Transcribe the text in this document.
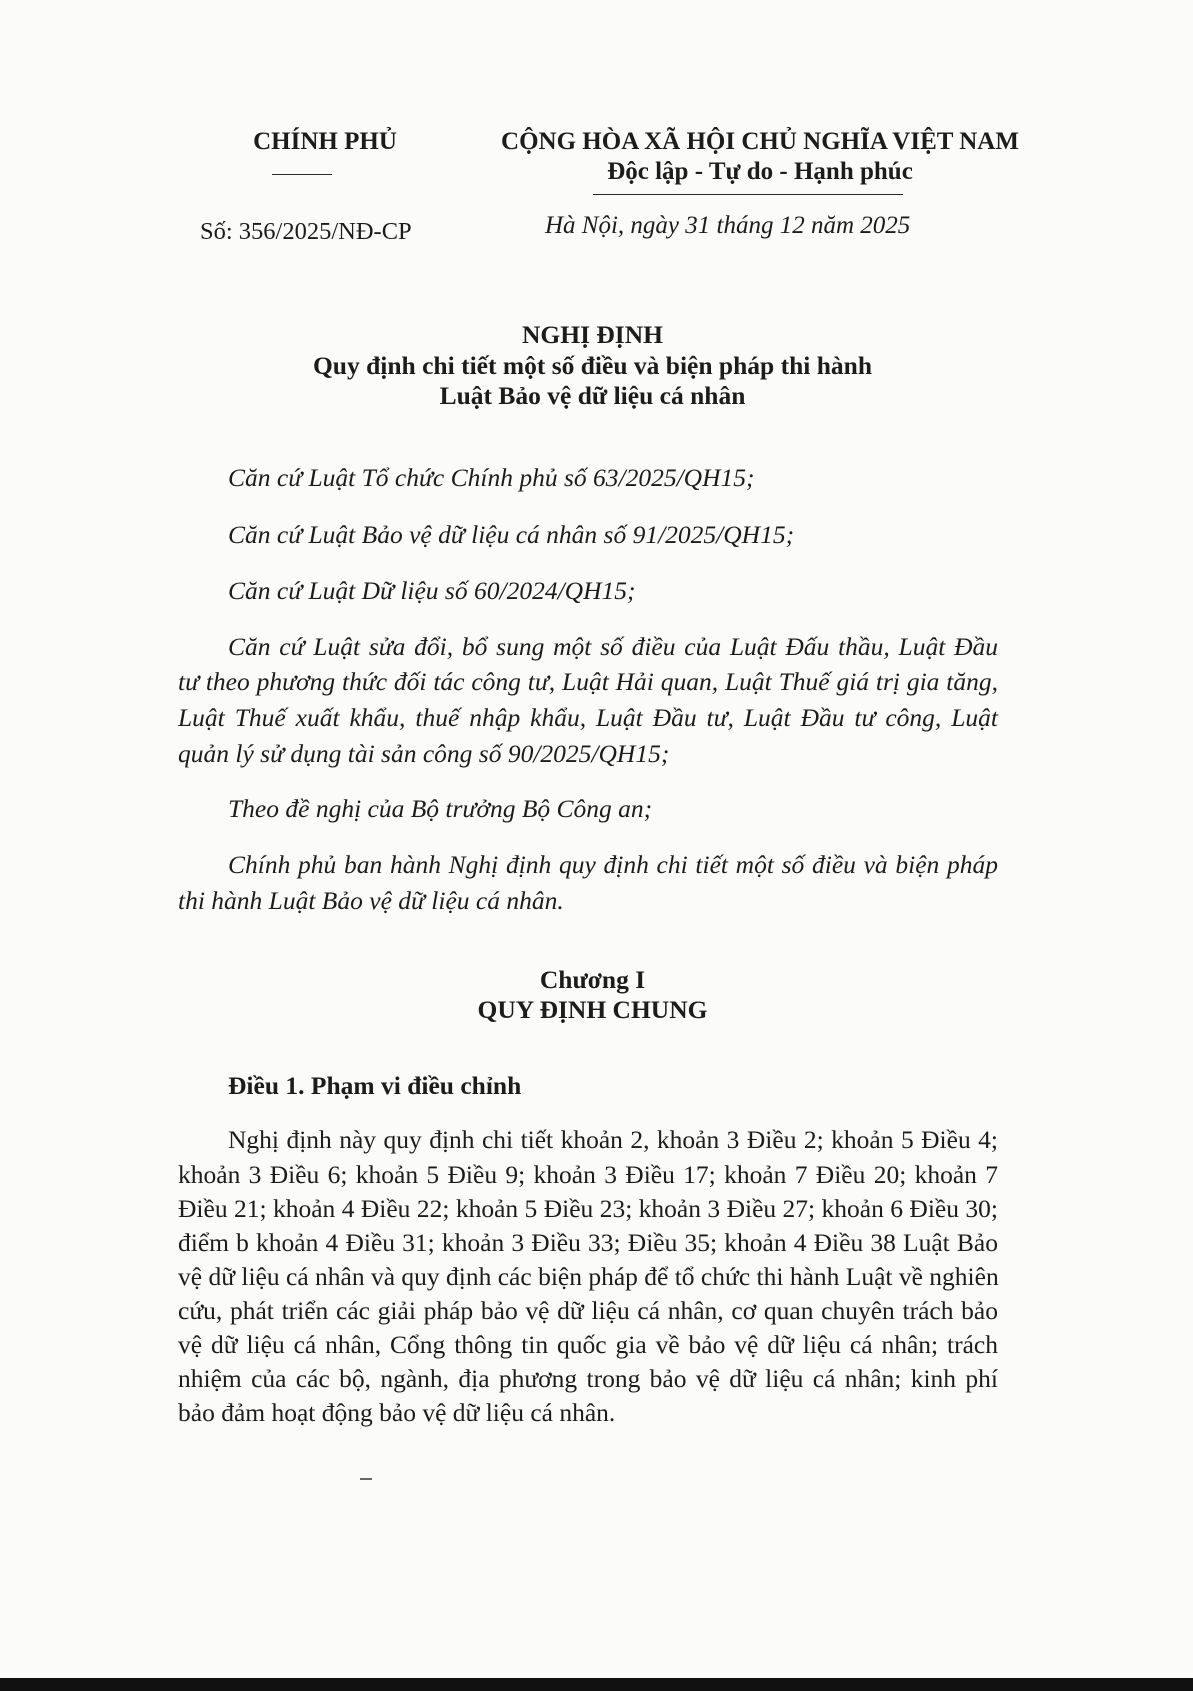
CHÍNH PHỦ	CỘNG HÒA XÃ HỘI CHỦ NGHĨA VIỆT NAM
Độc lập - Tự do - Hạnh phúc
Số: 356/2025/NĐ-CP	Hà Nội, ngày 31 tháng 12 năm 2025
NGHỊ ĐỊNH
Quy định chi tiết một số điều và biện pháp thi hành
Luật Bảo vệ dữ liệu cá nhân
Căn cứ Luật Tổ chức Chính phủ số 63/2025/QH15;
Căn cứ Luật Bảo vệ dữ liệu cá nhân số 91/2025/QH15;
Căn cứ Luật Dữ liệu số 60/2024/QH15;
Căn cứ Luật sửa đổi, bổ sung một số điều của Luật Đấu thầu, Luật Đầu
tư theo phương thức đối tác công tư, Luật Hải quan, Luật Thuế giá trị gia tăng,
Luật Thuế xuất khẩu, thuế nhập khẩu, Luật Đầu tư, Luật Đầu tư công, Luật
quản lý sử dụng tài sản công số 90/2025/QH15;
Theo đề nghị của Bộ trưởng Bộ Công an;
Chính phủ ban hành Nghị định quy định chi tiết một số điều và biện pháp
thi hành Luật Bảo vệ dữ liệu cá nhân.
Chương I
QUY ĐỊNH CHUNG
Điều 1. Phạm vi điều chỉnh
Nghị định này quy định chi tiết khoản 2, khoản 3 Điều 2; khoản 5 Điều 4;
khoản 3 Điều 6; khoản 5 Điều 9; khoản 3 Điều 17; khoản 7 Điều 20; khoản 7
Điều 21; khoản 4 Điều 22; khoản 5 Điều 23; khoản 3 Điều 27; khoản 6 Điều 30;
điểm b khoản 4 Điều 31; khoản 3 Điều 33; Điều 35; khoản 4 Điều 38 Luật Bảo
vệ dữ liệu cá nhân và quy định các biện pháp để tổ chức thi hành Luật về nghiên
cứu, phát triển các giải pháp bảo vệ dữ liệu cá nhân, cơ quan chuyên trách bảo
vệ dữ liệu cá nhân, Cổng thông tin quốc gia về bảo vệ dữ liệu cá nhân; trách
nhiệm của các bộ, ngành, địa phương trong bảo vệ dữ liệu cá nhân; kinh phí
bảo đảm hoạt động bảo vệ dữ liệu cá nhân.
